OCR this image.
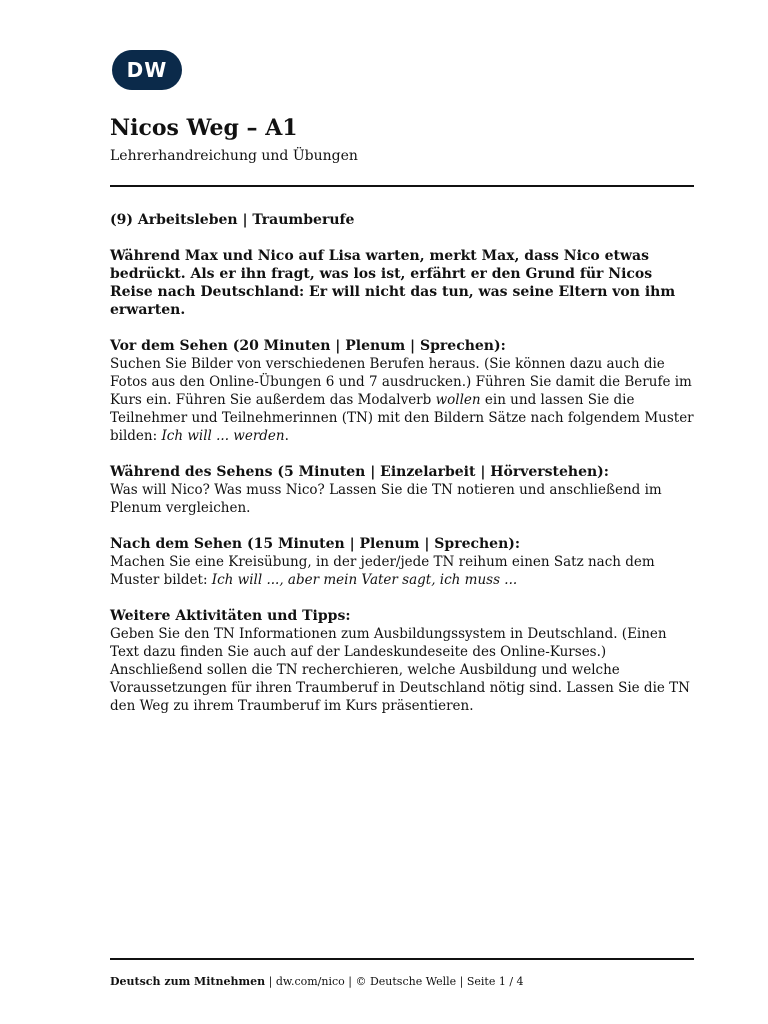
DW
Nicos Weg – A1

Lehrerhandreichung und Übungen

(9) Arbeitsleben | Traumberufe

Während Max und Nico auf Lisa warten, merkt Max, dass Nico etwas bedrückt. Als er ihn fragt, was los ist, erfährt er den Grund für Nicos Reise nach Deutschland: Er will nicht das tun, was seine Eltern von ihm erwarten.

Vor dem Sehen (20 Minuten | Plenum | Sprechen):

Suchen Sie Bilder von verschiedenen Berufen heraus. (Sie können dazu auch die Fotos aus den Online-Übungen 6 und 7 ausdrucken.) Führen Sie damit die Berufe im Kurs ein. Führen Sie außerdem das Modalverb wollen ein und lassen Sie die Teilnehmer und Teilnehmerinnen (TN) mit den Bildern Sätze nach folgendem Muster bilden: Ich will ... werden.

Während des Sehens (5 Minuten | Einzelarbeit | Hörverstehen):

Was will Nico? Was muss Nico? Lassen Sie die TN notieren und anschließend im Plenum vergleichen.

Nach dem Sehen (15 Minuten | Plenum | Sprechen):

Machen Sie eine Kreisübung, in der jeder/jede TN reihum einen Satz nach dem Muster bildet: Ich will ..., aber mein Vater sagt, ich muss ...

Weitere Aktivitäten und Tipps:

Geben Sie den TN Informationen zum Ausbildungssystem in Deutschland. (Einen Text dazu finden Sie auch auf der Landeskundeseite des Online-Kurses.) Anschließend sollen die TN recherchieren, welche Ausbildung und welche Voraussetzungen für ihren Traumberuf in Deutschland nötig sind. Lassen Sie die TN den Weg zu ihrem Traumberuf im Kurs präsentieren.

Deutsch zum Mitnehmen | dw.com/nico | © Deutsche Welle | Seite 1 / 4
